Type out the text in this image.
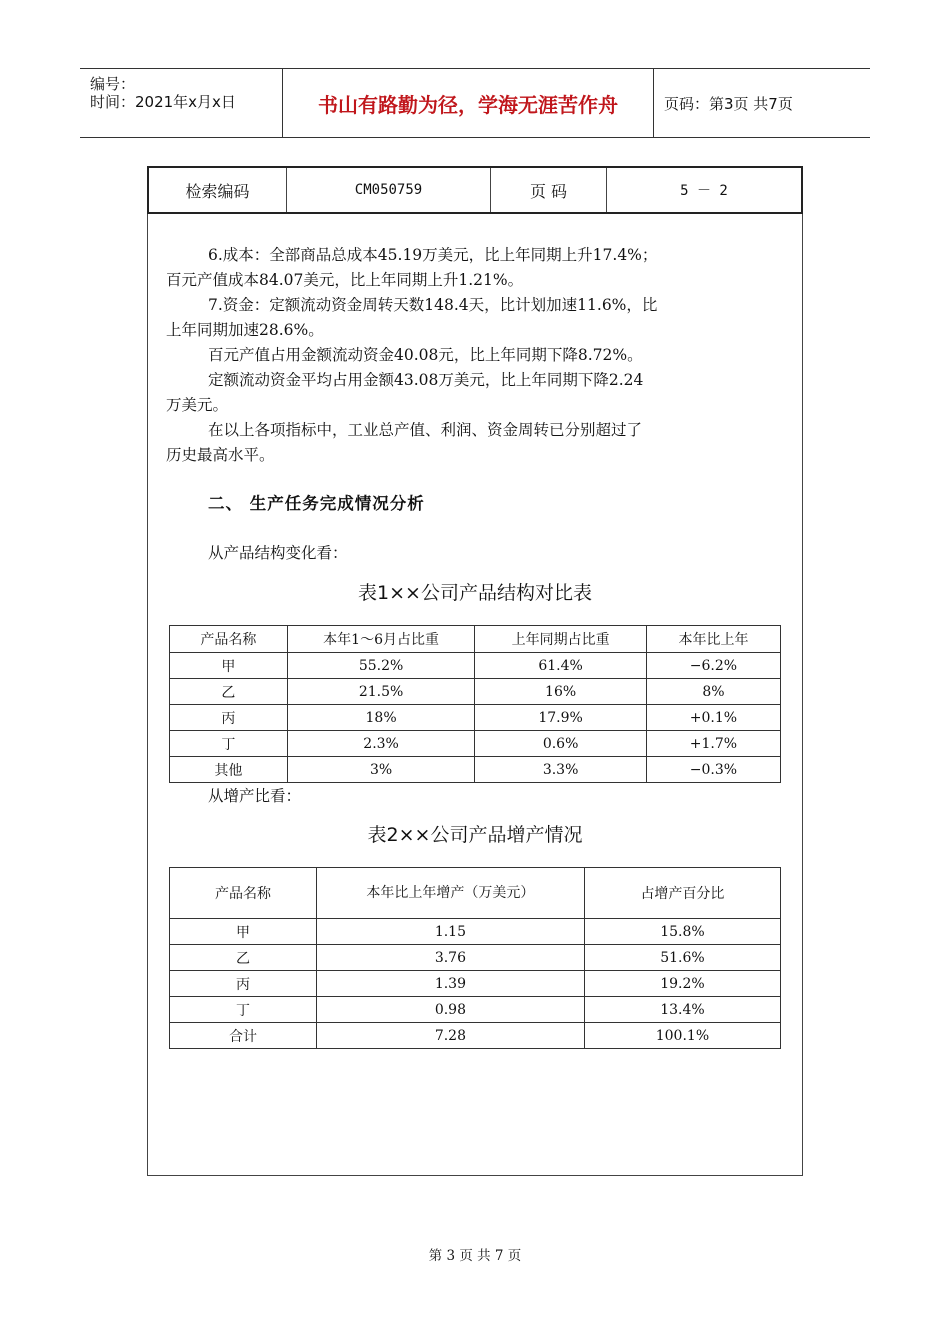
编号：
时间：2021年x月x日	书山有路勤为径，学海无涯苦作舟	页码：第3页 共7页
检索编码	CM050759	页 码	5 － 2

6.成本：全部商品总成本45.19万美元，比上年同期上升17.4%；

百元产值成本84.07美元，比上年同期上升1.21%。

7.资金：定额流动资金周转天数148.4天，比计划加速11.6%，比

上年同期加速28.6%。

百元产值占用金额流动资金40.08元，比上年同期下降8.72%。

定额流动资金平均占用金额43.08万美元，比上年同期下降2.24

万美元。

在以上各项指标中，工业总产值、利润、资金周转已分别超过了

历史最高水平。

二、 生产任务完成情况分析
从产品结构变化看：
表1××公司产品结构对比表
产品名称	本年1～6月占比重	上年同期占比重	本年比上年
甲	55.2%	61.4%	−6.2%
乙	21.5%	16%	8%
丙	18%	17.9%	+0.1%
丁	2.3%	0.6%	+1.7%
其他	3%	3.3%	−0.3%
从增产比看：
表2××公司产品增产情况
产品名称	本年比上年增产（万美元）	占增产百分比
甲	1.15	15.8%
乙	3.76	51.6%
丙	1.39	19.2%
丁	0.98	13.4%
合计	7.28	100.1%
第 3 页 共 7 页
